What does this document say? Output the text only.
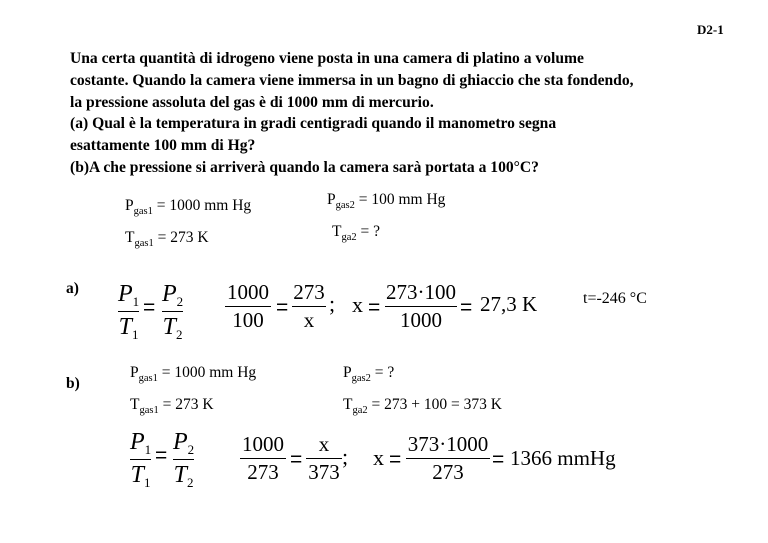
D2-1
Una certa quantità di idrogeno viene posta in una camera di platino a volume
costante. Quando la camera viene immersa in un bagno di ghiaccio che sta fondendo,
la pressione assoluta del gas è di 1000 mm di mercurio.
(a) Qual è la temperatura in gradi centigradi quando il manometro segna
esattamente 100 mm di Hg?
(b)A che pressione si arriverà quando la camera sarà portata a 100°C?
$P_{gas1} = 1000$ mm Hg
$T_{gas1} = 273$ K
$P_{gas2} = 100$ mm Hg
$T_{ga2}$ = ?
a) $P_1$
$T_1$
=
$P_2$
$T_2$
1000
100
=
273
x
; x =
273·100
1000
= 27,3 K	t=-246 °C
b)
$P_{gas1} = 1000$ mm Hg
$T_{gas1} = 273$ K
$P_{gas2}$ = ?
$T_{ga2} = 273 + 100 = 373$ K
$P_1$
$T_1$
=
$P_2$
$T_2$
1000
273
=
x
373
; x =
373·1000
273
= 1366 mmHg
